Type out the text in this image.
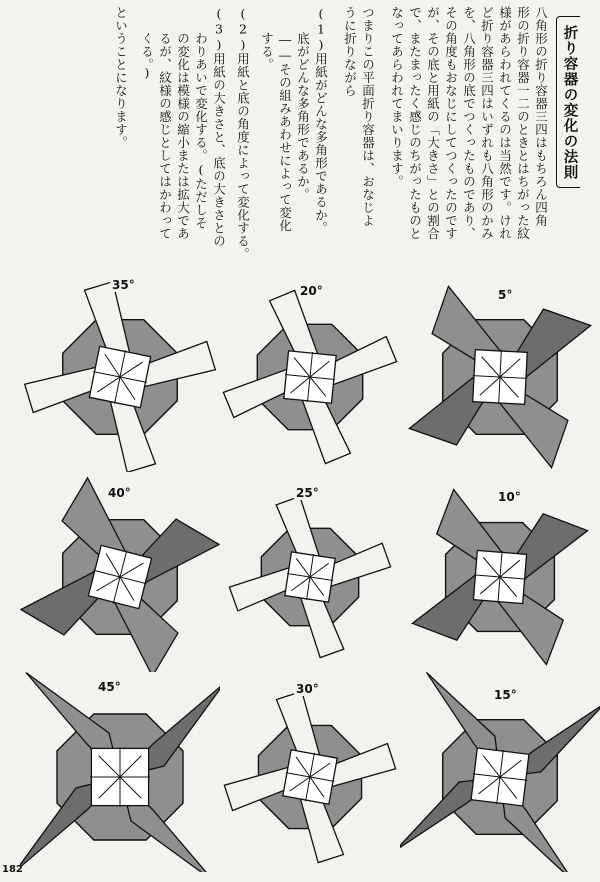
折り容器の変化の法則
八角形の折り容器三四はもちろん四角
形の折り容器一二のときとはちがった紋
様があらわれてくるのは当然です。けれ
ど折り容器三四はいずれも八角形のかみ
を、八角形の底でつくったものであり、
その角度もおなじにしてつくったのです
が、その底と用紙の「大きさ」との割合
で、またまったく感じのちがったものと
なってあらわれてまいります。
つまりこの平面折り容器は、おなじよ
うに折りながら
(1)用紙がどんな多角形であるか。
底がどんな多角形であるか。
――その組みあわせによって変化
する。
(2)用紙と底の角度によって変化する。
(3)用紙の大きさと、底の大きさとの
わりあいで変化する。(ただしそ
の変化は模様の縮小または拡大であ
るが、紋様の感じとしてはかわって
くる。)
ということになります。
35°	20°	5°
40°	25°	10°
45°	30°	15°
182
